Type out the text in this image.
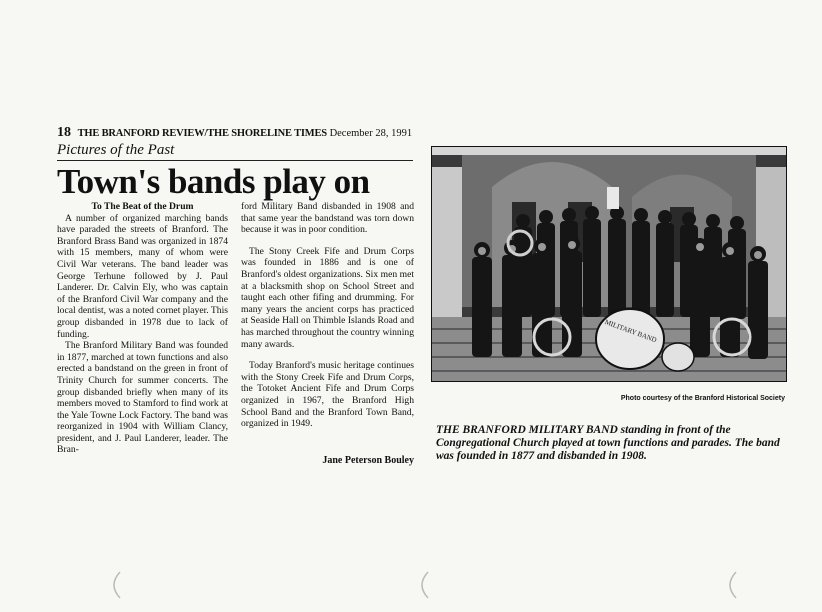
18 THE BRANFORD REVIEW/THE SHORELINE TIMES December 28, 1991
Pictures of the Past
Town's bands play on

To The Beat of the Drum

A number of organized marching bands have paraded the streets of Branford. The Branford Brass Band was organized in 1874 with 15 members, many of whom were Civil War veterans. The band leader was George Terhune followed by J. Paul Landerer. Dr. Calvin Ely, who was captain of the Branford Civil War company and the local dentist, was a noted cornet player. This group disbanded in 1978 due to lack of funding.

The Branford Military Band was founded in 1877, marched at town functions and also erected a bandstand on the green in front of Trinity Church for summer concerts. The group disbanded briefly when many of its members moved to Stamford to find work at the Yale Towne Lock Factory. The band was reorganized in 1904 with William Clancy, president, and J. Paul Landerer, leader. The Bran-

ford Military Band disbanded in 1908 and that same year the bandstand was torn down because it was in poor condition.

The Stony Creek Fife and Drum Corps was founded in 1886 and is one of Branford's oldest organizations. Six men met at a blacksmith shop on School Street and taught each other fifing and drumming. For many years the ancient corps has practiced at Seaside Hall on Thimble Islands Road and has marched throughout the country winning many awards.

Today Branford's music heritage continues with the Stony Creek Fife and Drum Corps, the Totoket Ancient Fife and Drum Corps organized in 1967, the Branford High School Band and the Branford Town Band, organized in 1949.

Jane Peterson Bouley
MILITARY BAND
Photo courtesy of the Branford Historical Society
THE BRANFORD MILITARY BAND standing in front of the Congregational Church played at town functions and parades. The band was founded in 1877 and disbanded in 1908.
